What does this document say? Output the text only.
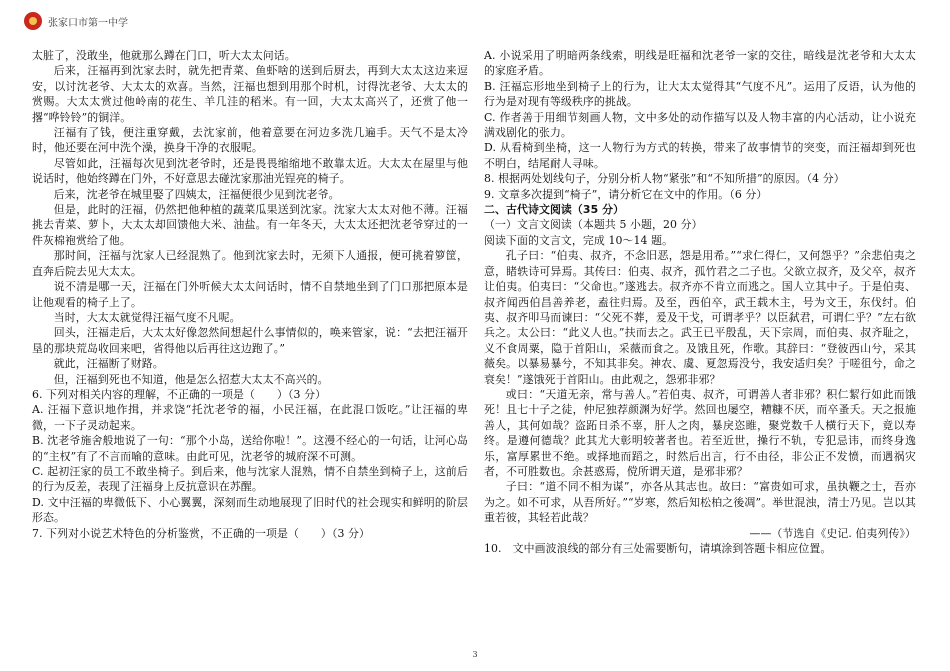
张家口市第一中学

太脏了，没敢坐，他就那么蹲在门口，听大太太问话。

后来，汪福再到沈家去时，就先把青菜、鱼虾啥的送到后厨去，再到大太太这边来逗安，以讨沈老爷、大太太的欢喜。当然，汪福也想到用那个时机，讨得沈老爷、大太太的赏赐。大太太赏过他岭南的花生、羊几洼的稻米。有一回，大太太高兴了，还赏了他一撂“哗铃铃”的铜洋。

汪福有了钱，便注重穿戴，去沈家前，他着意要在河边多洗几遍手。天气不是太冷时，他还要在河中洗个澡，换身干净的衣服呢。

尽管如此，汪福每次见到沈老爷时，还是畏畏缩缩地不敢靠太近。大太太在屋里与他说话时，他始终蹲在门外，不好意思去碰沈家那油光锃亮的椅子。

后来，沈老爷在城里娶了四姨太，汪福便很少见到沈老爷。

但是，此时的汪福，仍然把他种植的蔬菜瓜果送到沈家。沈家大太太对他不薄。汪福挑去青菜、萝卜，大太太却回馈他大米、油盐。有一年冬天，大太太还把沈老爷穿过的一件灰棉袍赏给了他。

那时间，汪福与沈家人已经混熟了。他到沈家去时，无须下人通报，便可挑着箩筐，直奔后院去见大太太。

说不清是哪一天，汪福在门外听候大太太问话时，情不自禁地坐到了门口那把原本是让他观看的椅子上了。

当时，大太太就觉得汪福气度不凡呢。

回头，汪福走后，大太太好像忽然间想起什么事情似的，唤来管家，说：“去把汪福开垦的那块荒岛收回来吧，省得他以后再往这边跑了。”

就此，汪福断了财路。

但，汪福到死也不知道，他是怎么招惹大太太不高兴的。

6. 下列对相关内容的理解，不正确的一项是（　　）（3 分）

A. 汪福下意识地作揖，并求饶“托沈老爷的福，小民汪福，在此混口饭吃。”让汪福的卑微，一下子灵动起来。

B. 沈老爷施舍般地说了一句：“那个小岛，送给你啦！”。这漫不经心的一句话，让河心岛的“主权”有了不言而喻的意味。由此可见，沈老爷的城府深不可测。

C. 起初汪家的员工不敢坐椅子。到后来，他与沈家人混熟，情不自禁坐到椅子上，这前后的行为反差，表现了汪福身上反抗意识在苏醒。

D. 文中汪福的卑微低下、小心翼翼，深刻而生动地展现了旧时代的社会现实和鲜明的阶层形态。

7. 下列对小说艺术特色的分析鉴赏，不正确的一项是（　　）（3 分）

A. 小说采用了明暗两条线索，明线是旺福和沈老爷一家的交往，暗线是沈老爷和大太太的家庭矛盾。

B. 汪福忘形地坐到椅子上的行为，让大太太觉得其“气度不凡”。运用了反语，认为他的行为是对现有等级秩序的挑战。

C. 作者善于用细节刻画人物，文中多处的动作描写以及人物丰富的内心活动，让小说充满戏剧化的张力。

D. 从看椅到坐椅，这一人物行为方式的转换，带来了故事情节的突变，而汪福却到死也不明白，结尾耐人寻味。

8. 根据两处划线句子，分别分析人物“紧张”和“不知所措”的原因。（4 分）

9. 文章多次提到“椅子”，请分析它在文中的作用。（6 分）

二、古代诗文阅读（35 分）

（一）文言文阅读（本题共 5 小题，20 分）

阅读下面的文言文，完成 10～14 题。

孔子曰：“伯夷、叔齐，不念旧恶，怨是用希。”“求仁得仁，又何怨乎？”余悲伯夷之意，睹轶诗可异焉。其传曰：伯夷、叔齐，孤竹君之二子也。父欲立叔齐，及父卒，叔齐让伯夷。伯夷曰：“父命也。”遂逃去。叔齐亦不肯立而逃之。国人立其中子。于是伯夷、叔齐闻西伯昌善养老，盍往归焉。及至，西伯卒，武王载木主，号为文王，东伐纣。伯夷、叔齐叩马而谏曰：“父死不葬，爰及干戈，可谓孝乎？以臣弑君，可谓仁乎？”左右欲兵之。太公曰：“此义人也。”扶而去之。武王已平殷乱，天下宗周，而伯夷、叔齐耻之，义不食周粟，隐于首阳山，采薇而食之。及饿且死，作歌。其辞曰：“登彼西山兮，采其薇矣。以暴易暴兮，不知其非矣。神农、虞、夏忽焉没兮，我安适归矣？于嗟徂兮，命之衰矣！”遂饿死于首阳山。由此观之，怨邪非邪？

或曰：“天道无亲，常与善人。”若伯夷、叔齐，可谓善人者非邪？积仁絜行如此而饿死！且七十子之徒，仲尼独荐颜渊为好学。然回也屡空，糟糠不厌，而卒蚤夭。天之报施善人，其何如哉？盗跖日杀不辜，肝人之肉，暴戾恣睢，聚党数千人横行天下，竟以寿终。是遵何德哉？此其尤大彰明较著者也。若至近世，操行不轨，专犯忌讳，而终身逸乐，富厚累世不绝。或择地而蹈之，时然后出言，行不由径，非公正不发愤，而遇祸灾者，不可胜数也。余甚惑焉，傥所谓天道，是邪非邪？

子曰：“道不同不相为谋”，亦各从其志也。故曰：“富贵如可求，虽执鞭之士，吾亦为之。如不可求，从吾所好。”“岁寒，然后知松柏之後凋”。举世混浊，清士乃见。岂以其重若彼，其轻若此哉？

——（节选自《史记. 伯夷列传》）

10.　文中画波浪线的部分有三处需要断句，请填涂到答题卡相应位置。

3
